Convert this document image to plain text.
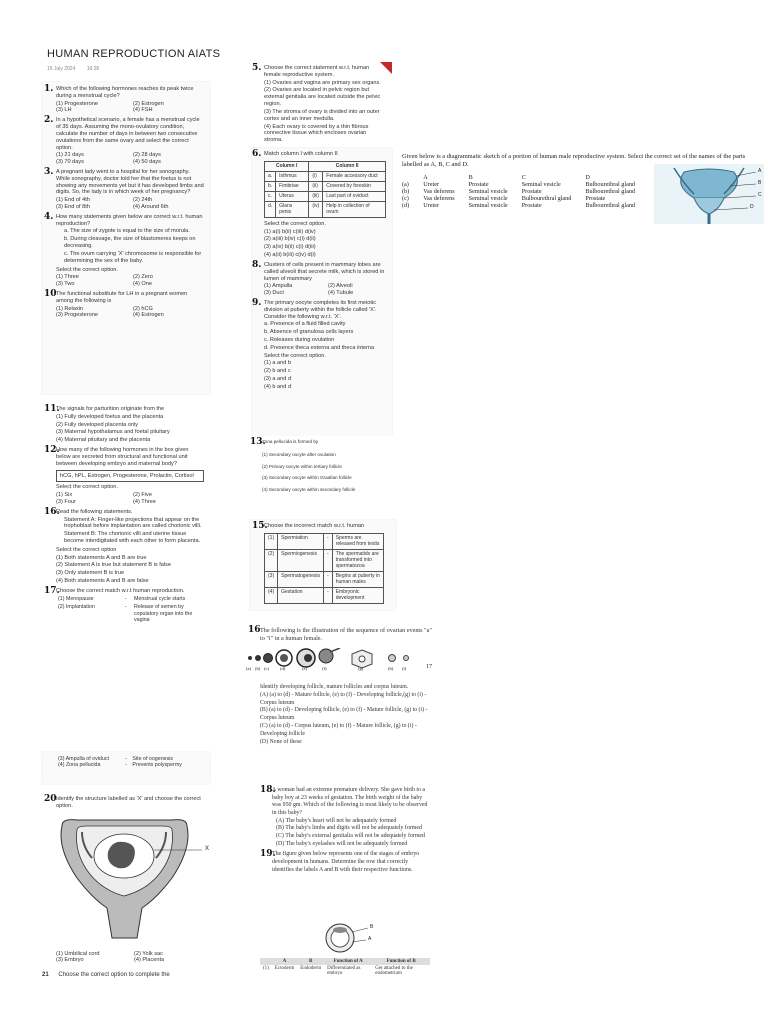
HUMAN REPRODUCTION AIATS
15 July 2024 16:36
1. Which of the following hormones reaches its peak twice during a menstrual cycle?
(1) Progesterone	(2) Estrogen
(3) LH	(4) FSH
2. In a hypothetical scenario, a female has a menstrual cycle of 35 days. Assuming the mono-ovulatory condition, calculate the number of days in between two consecutive ovulations from the same ovary and select the correct option.
(1) 21 days	(2) 28 days
(3) 70 days	(4) 50 days
3. A pregnant lady went to a hospital for her sonography. While sonography, doctor told her that the foetus is not showing any movements yet but it has developed limbs and digits. So, the lady is in which week of her pregnancy?
(1) End of 4th	(2) 24th
(3) End of 8th	(4) Around 6th
4. How many statements given below are correct w.r.t. human reproduction?
a. The size of zygote is equal to the size of morula.
b. During cleavage, the size of blastomeres keeps on decreasing.
c. The ovum carrying 'X' chromosome is responsible for determining the sex of the baby.
Select the correct option.
(1) Three	(2) Zero
(3) Two	(4) One
10 The functional substitute for LH in a pregnant women among the following is
(1) Relaxin	(2) hCG
(3) Progesterone	(4) Estrogen
11.
The signals for parturition originate from the
(1) Fully developed foetus and the placenta
(2) Fully developed placenta only
(3) Maternal hypothalamus and foetal pituitary
(4) Maternal pituitary and the placenta
12.
How many of the following hormones in the box given below are secreted from structural and functional unit between developing embryo and maternal body?
hCG, hPL, Estrogen, Progesterone, Prolactin, Cortisol
Select the correct option.
(1) Six	(2) Five
(3) Four	(4) Three
16.
Read the following statements.
Statement A: Finger-like projections that appear on the trophoblast before implantation are called chorionic villi.
Statement B: The chorionic villi and uterine tissue become interdigitated with each other to form placenta.
Select the correct option
(1) Both statements A and B are true
(2) Statement A is true but statement B is false
(3) Only statement B is true
(4) Both statements A and B are false
17.
Choose the correct match w.r.t human reproduction.
(1) Menopause	-	Menstrual cycle starts
(2) Implantation	-	Release of semen by copulatory organ into the vagina
(3) Ampulla of oviduct	-	Site of oogenesis
(4) Zona pellucida	-	Prevents polyspermy
20 Identify the structure labelled as 'X' and choose the correct option.
X
(1) Umbilical cord	(2) Yolk sac
(3) Embryo	(4) Placenta
21 Choose the correct option to complete the
5. Choose the correct statement w.r.t. human female reproductive system.
(1) Ovaries and vagina are primary sex organs.
(2) Ovaries are located in pelvic region but external genitalia are located outside the pelvic region.
(3) The stroma of ovary is divided into an outer cortex and an inner medulla.
(4) Each ovary is covered by a thin fibrous connective tissue which encloses ovarian stroma.
6. Match column I with column II
Column I		Column II	
a.	Isthmus	(i)	Female accessory duct
b.	Fimbriae	(ii)	Covered by foreskin
c.	Uterus	(iii)	Last part of oviduct
d.	Glans penis	(iv)	Help in collection of ovum
Select the correct option.
(1) a(i) b(ii) c(iii) d(iv)
(2) a(iii) b(iv) c(i) d(ii)
(3) a(iv) b(ii) c(i) d(iii)
(4) a(ii) b(iii) c(iv) d(i)
8. Clusters of cells present in mammary lobes are called alveoli that secrete milk, which is stored in lumen of mammary
(1) Ampulla	(2) Alveoli
(3) Duct	(4) Tubule
9. The primary oocyte completes its first meiotic division at puberty within the follicle called 'X'. Consider the following w.r.t. 'X'.
a. Presence of a fluid filled cavity
b. Absence of granulosa cells layers
c. Releases during ovulation
d. Presence theca externa and theca interna
Select the correct option.
(1) a and b
(2) b and c
(3) a and d
(4) b and d
13.
Zona pellucida is formed by
(1) Secondary oocyte after ovulation
(2) Primary oocyte within tertiary follicle
(3) Secondary oocyte within Graafian follicle
(4) Secondary oocyte within secondary follicle
15.
Choose the incorrect match w.r.t. human
(1)	Spermiation	-	Sperms are released from testis
(2)	Spermiogenesis	-	The spermatids are transformed into spermatozoa
(3)	Spermatogenesis	-	Begins at puberty in human males
(4)	Gestation	-	Embryonic development
16 The following is the illustration of the sequence of ovarian events "a" to "i" in a human female.
(a) (b) (c) (d)	(e)	(f)	(g)	(h) (i)	17
Identify developing follicle, mature follicles and corpus luteum.
(A) (a) to (d) - Mature follicle, (e) to (f) - Developing follicle,(g) to (i) - Corpus luteum
(B) (a) to (d) - Developing follicle, (e) to (f) - Mature follicle, (g) to (i) - Corpus luteum
(C) (a) to (d) - Corpus luteum, (e) to (f) - Mature follicle, (g) to (i) - Developing follicle
(D) None of these
18.
A woman had an extreme premature delivery. She gave birth to a baby boy at 23 weeks of gestation. The birth weight of the baby was 950 gm. Which of the following is most likely to be observed in this baby?
(A) The baby's heart will not be adequately formed
(B) The baby's limbs and digits will not be adequately formed
(C) The baby's external genitalia will not be adequately formed
(D) The baby's eyelashes will not be adequately formed
19.
The figure given below represents one of the stages of embryo development in humans. Determine the row that correctly identifies the labels A and B with their respective functions.
B
A
	A	B	Function of A	Function of B
(1)	Ectoderm	Endoderm	Differentiated as embryo	Get attached to the endometrium
Given below is a diagrammatic sketch of a portion of human male reproductive system. Select the correct set of the names of the parts labelled as A, B, C and D.
	A	B	C	D
(a)	Ureter	Prostate	Seminal vesicle	Bulbourethral gland
(b)	Vas deferens	Seminal vesicle	Prostate	Bulbourethral gland
(c)	Vas deferens	Seminal vesicle	Bulbourethral gland	Prostate
(d)	Ureter	Seminal vesicle	Prostate	Bulbourethral gland
A
B
C
D
